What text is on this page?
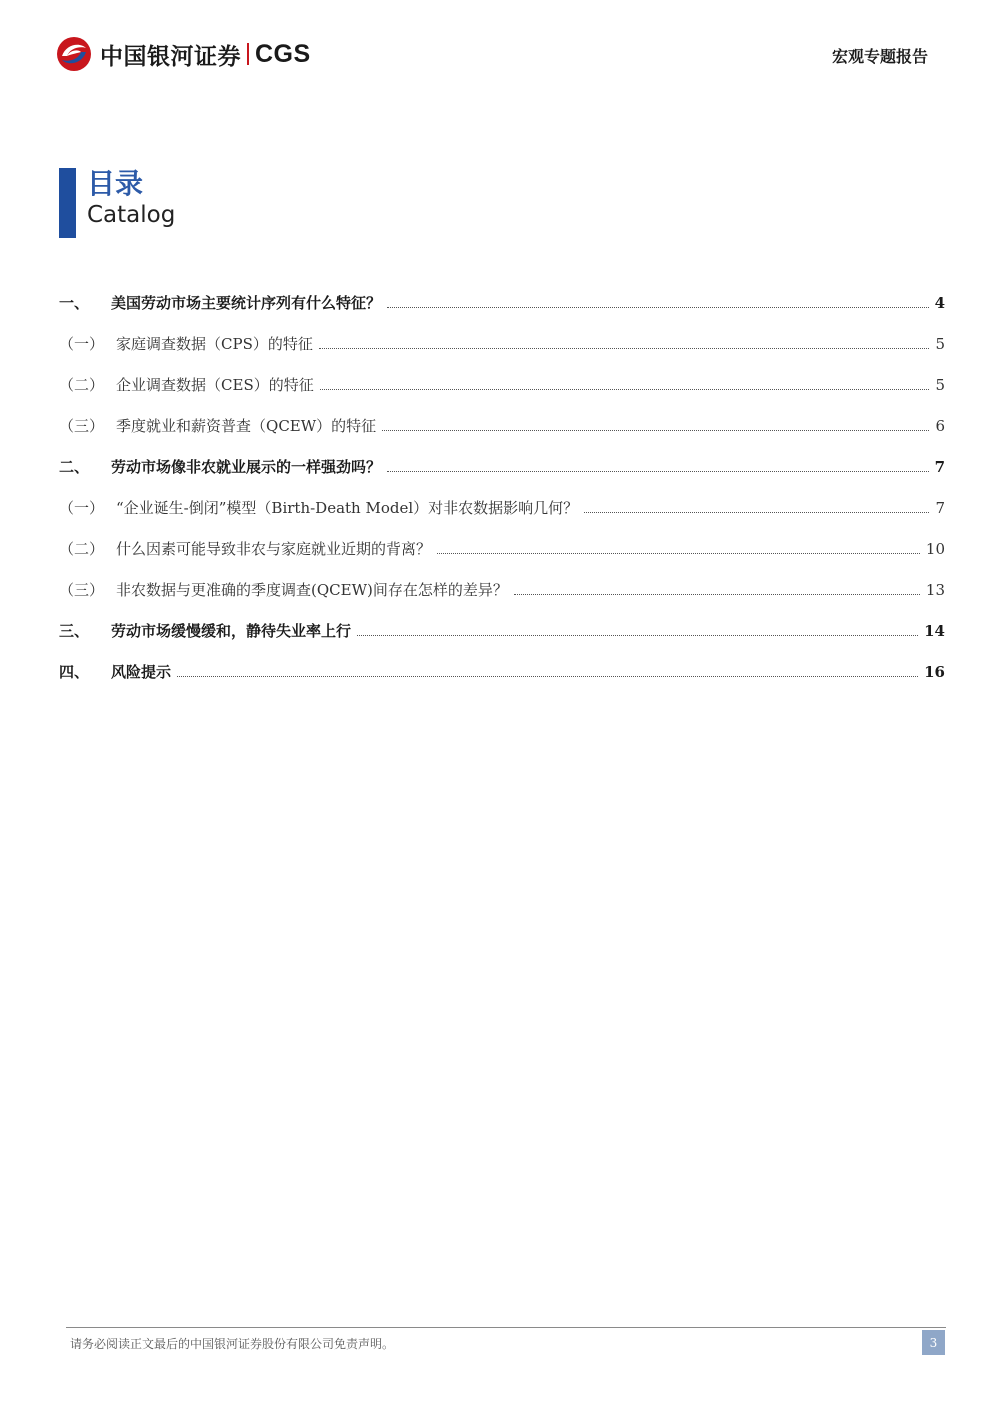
中国银河证券 CGS	宏观专题报告
目录
Catalog
一、	美国劳动市场主要统计序列有什么特征？	4
（一） 家庭调查数据（CPS）的特征	5
（二） 企业调查数据（CES）的特征	5
（三） 季度就业和薪资普查（QCEW）的特征	6
二、	劳动市场像非农就业展示的一样强劲吗？	7
（一） “企业诞生-倒闭”模型（Birth-Death Model）对非农数据影响几何？	7
（二） 什么因素可能导致非农与家庭就业近期的背离？	10
（三） 非农数据与更准确的季度调查(QCEW)间存在怎样的差异？	13
三、	劳动市场缓慢缓和，静待失业率上行	14
四、	风险提示	16
请务必阅读正文最后的中国银河证券股份有限公司免责声明。	3
